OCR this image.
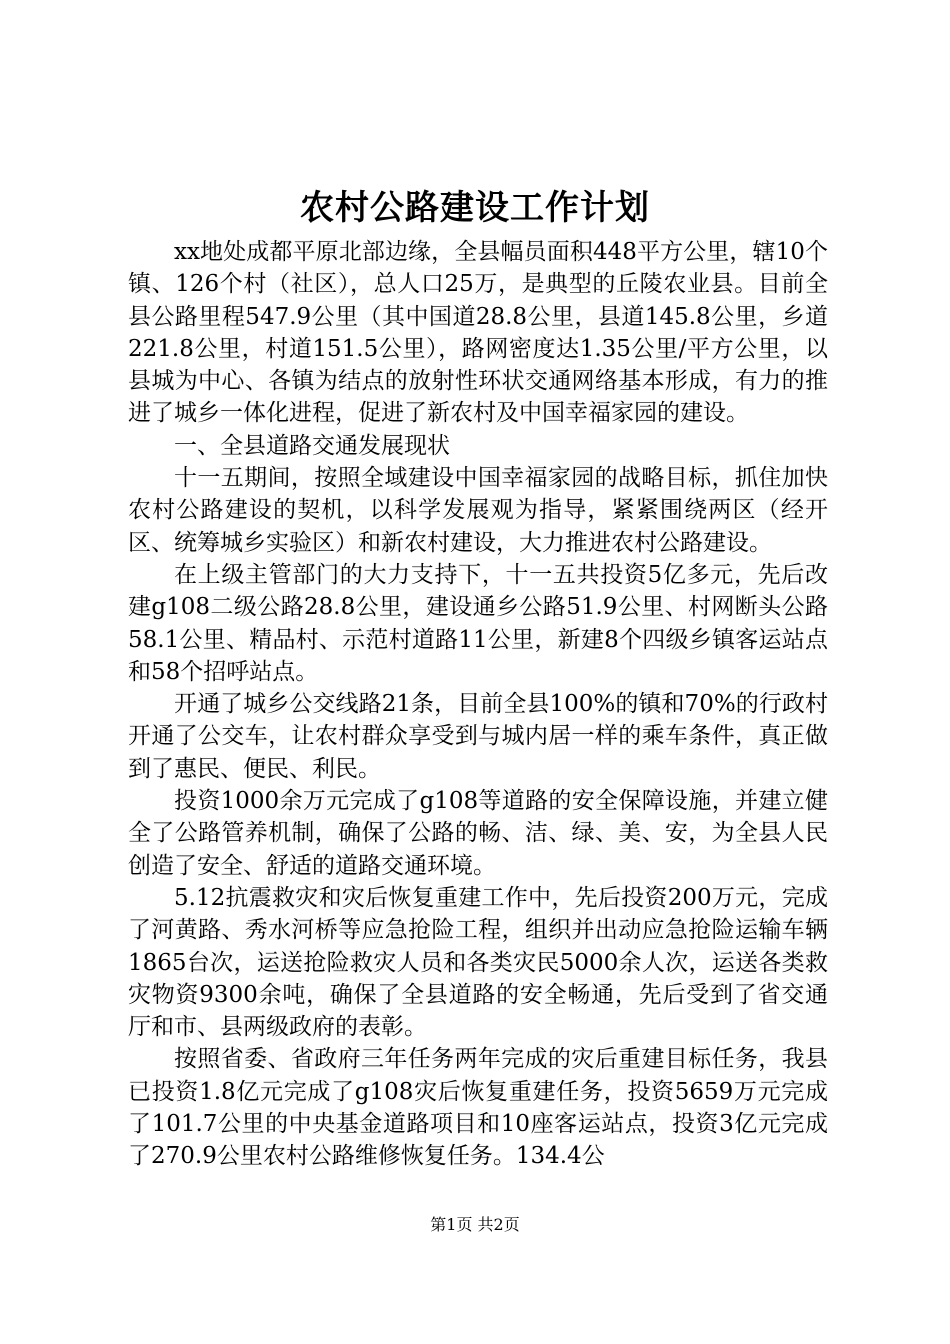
农村公路建设工作计划

xx地处成都平原北部边缘，全县幅员面积448平方公里，辖10个镇、126个村（社区），总人口25万，是典型的丘陵农业县。目前全县公路里程547.9公里（其中国道28.8公里，县道145.8公里，乡道221.8公里，村道151.5公里），路网密度达1.35公里/平方公里，以县城为中心、各镇为结点的放射性环状交通网络基本形成，有力的推进了城乡一体化进程，促进了新农村及中国幸福家园的建设。

一、全县道路交通发展现状

十一五期间，按照全域建设中国幸福家园的战略目标，抓住加快农村公路建设的契机，以科学发展观为指导，紧紧围绕两区（经开区、统筹城乡实验区）和新农村建设，大力推进农村公路建设。

在上级主管部门的大力支持下，十一五共投资5亿多元，先后改建g108二级公路28.8公里，建设通乡公路51.9公里、村网断头公路58.1公里、精品村、示范村道路11公里，新建8个四级乡镇客运站点和58个招呼站点。

开通了城乡公交线路21条，目前全县100%的镇和70%的行政村开通了公交车，让农村群众享受到与城内居一样的乘车条件，真正做到了惠民、便民、利民。

投资1000余万元完成了g108等道路的安全保障设施，并建立健全了公路管养机制，确保了公路的畅、洁、绿、美、安，为全县人民创造了安全、舒适的道路交通环境。

5.12抗震救灾和灾后恢复重建工作中，先后投资200万元，完成了河黄路、秀水河桥等应急抢险工程，组织并出动应急抢险运输车辆1865台次，运送抢险救灾人员和各类灾民5000余人次，运送各类救灾物资9300余吨，确保了全县道路的安全畅通，先后受到了省交通厅和市、县两级政府的表彰。

按照省委、省政府三年任务两年完成的灾后重建目标任务，我县已投资1.8亿元完成了g108灾后恢复重建任务，投资5659万元完成了101.7公里的中央基金道路项目和10座客运站点，投资3亿元完成了270.9公里农村公路维修恢复任务。134.4公

第1页 共2页
